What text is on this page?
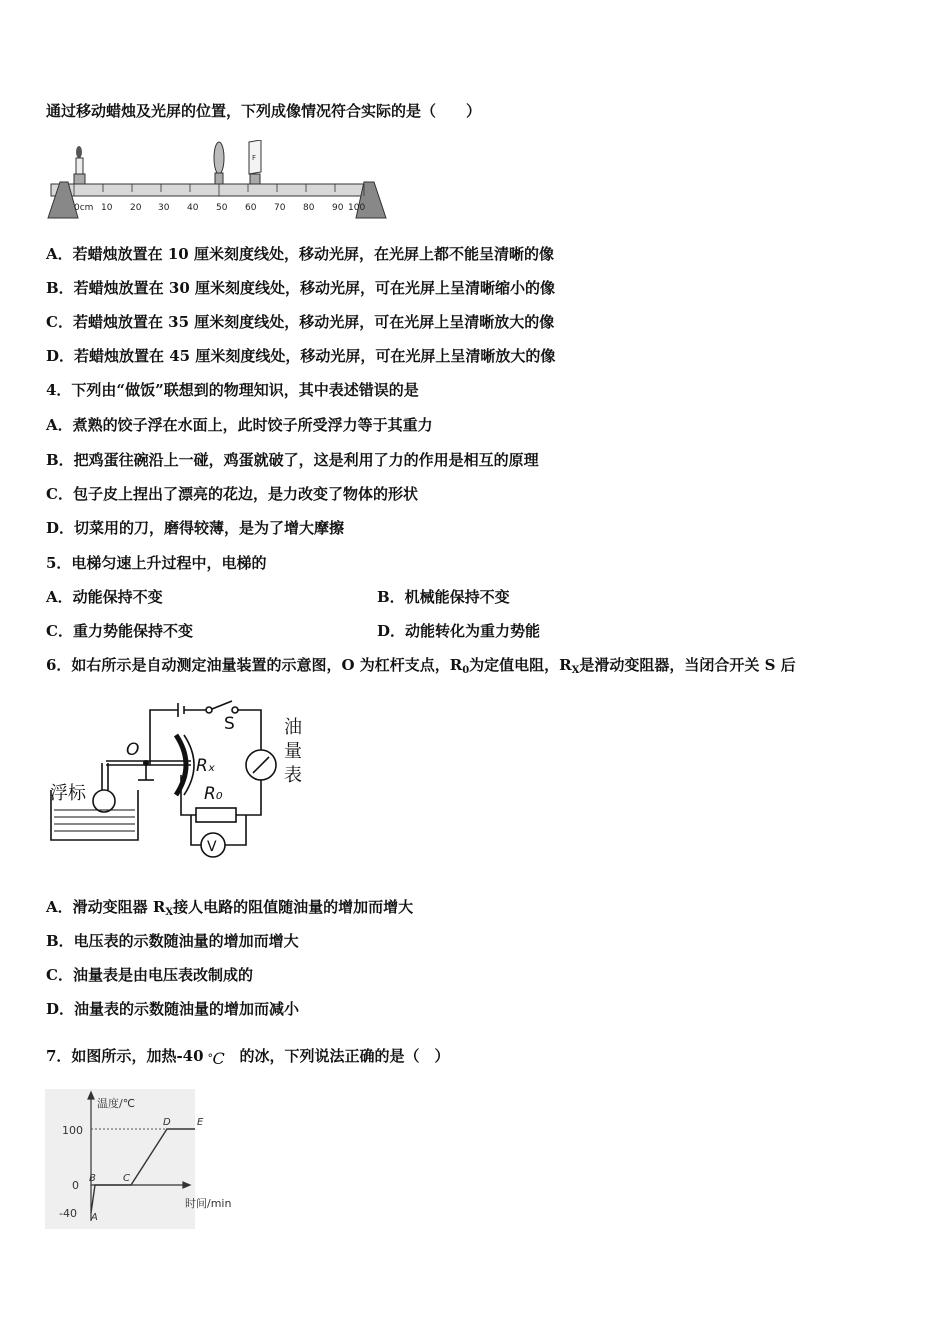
通过移动蜡烛及光屏的位置，下列成像情况符合实际的是（　　）
0cm 10 20 30 40 50 60 70 80 90 100
F
A．若蜡烛放置在 10 厘米刻度线处，移动光屏，在光屏上都不能呈清晰的像
B．若蜡烛放置在 30 厘米刻度线处，移动光屏，可在光屏上呈清晰缩小的像
C．若蜡烛放置在 35 厘米刻度线处，移动光屏，可在光屏上呈清晰放大的像
D．若蜡烛放置在 45 厘米刻度线处，移动光屏，可在光屏上呈清晰放大的像
4．下列由“做饭”联想到的物理知识，其中表述错误的是
A．煮熟的饺子浮在水面上，此时饺子所受浮力等于其重力
B．把鸡蛋往碗沿上一碰，鸡蛋就破了，这是利用了力的作用是相互的原理
C．包子皮上捏出了漂亮的花边，是力改变了物体的形状
D．切菜用的刀，磨得较薄，是为了增大摩擦
5．电梯匀速上升过程中，电梯的
A．动能保持不变	B．机械能保持不变
C．重力势能保持不变	D．动能转化为重力势能
6．如右所示是自动测定油量装置的示意图，O 为杠杆支点，$R_0$为定值电阻，$R_X$是滑动变阻器，当闭合开关 S 后
S
O
Rₓ
R₀
油
量
表
浮标
V
A．滑动变阻器 $R_X$接人电路的阻值随油量的增加而增大
B．电压表的示数随油量的增加而增大
C．油量表是由电压表改制成的
D．油量表的示数随油量的增加而减小
7．如图所示，加热-40 ° C 的冰，下列说法正确的是（　）
温度/℃
时间/min
100
0
-40 A
B	C
D	E
